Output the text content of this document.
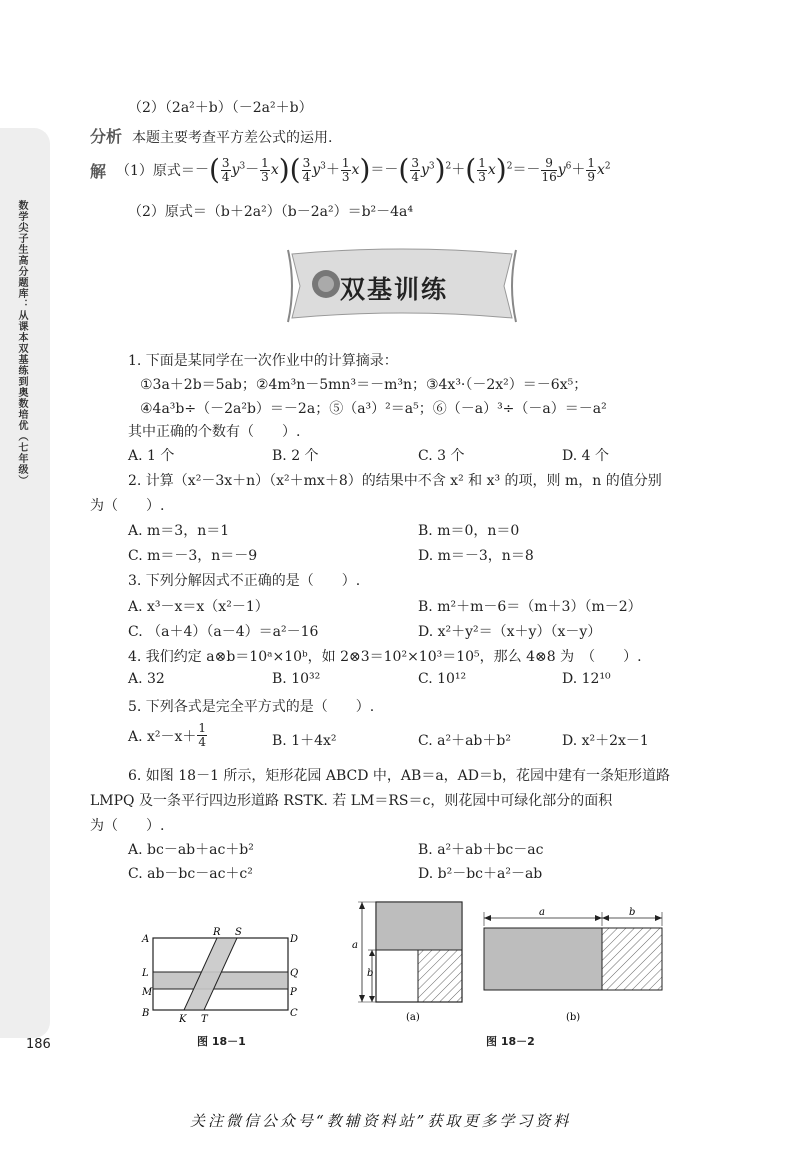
数学尖子生高分题库：从课本双基练到奥数培优（七年级）
186
（2）（2a²＋b）（－2a²＋b）
分析 本题主要考查平方差公式的运用.
解 （1）原式＝ －( $\frac{3}{4} y^3- \frac{1}{3} x)( \frac{3}{4} y^3+ \frac{1}{3} x)=-( \frac{3}{4} y^3)^2+( \frac{1}{3} x)^2=- \frac{9}{16} y^6+ \frac{1}{9} x^2$
（2）原式＝（b＋2a²）（b－2a²）＝b²－4a⁴
双基训练
1. 下面是某同学在一次作业中的计算摘录：
①3a＋2b＝5ab；②4m³n－5mn³＝－m³n；③4x³·（－2x²）＝－6x⁵；
④4a³b÷（－2a²b）＝－2a；⑤（a³）²＝a⁵；⑥（－a）³÷（－a）＝－a²
其中正确的个数有（　　）.
A. 1 个	B. 2 个	C. 3 个	D. 4 个
2. 计算（x²－3x＋n）（x²＋mx＋8）的结果中不含 x² 和 x³ 的项，则 m，n 的值分别
为（　　）.
A. m＝3，n＝1	B. m＝0，n＝0
C. m＝－3，n＝－9	D. m＝－3，n＝8
3. 下列分解因式不正确的是（　　）.
A. x³－x＝x（x²－1）	B. m²＋m－6＝（m＋3）（m－2）
C. （a＋4）（a－4）＝a²－16	D. x²＋y²＝（x＋y）（x－y）
4. 我们约定 a⊗b＝10ᵃ×10ᵇ，如 2⊗3＝10²×10³＝10⁵，那么 4⊗8 为　（　　）.
A. 32	B. 10³²	C. 10¹²	D. 12¹⁰
5. 下列各式是完全平方式的是（　　）.
A. $x^2-x+ \frac{1}{4}$	B. 1＋4x²	C. a²＋ab＋b²	D. x²＋2x－1
6. 如图 18－1 所示，矩形花园 ABCD 中，AB＝a，AD＝b，花园中建有一条矩形道路
LMPQ 及一条平行四边形道路 RSTK. 若 LM＝RS＝c，则花园中可绿化部分的面积
为（　　）.
A. bc－ab＋ac＋b²	B. a²＋ab＋bc－ac
C. ab－bc－ac＋c²	D. b²－bc＋a²－ab
A
B	C
D
L
M	P
Q
R S
K T
图 18－1
a
b
(a)
a	b
(b)
图 18－2
关注微信公众号“教辅资料站”获取更多学习资料
